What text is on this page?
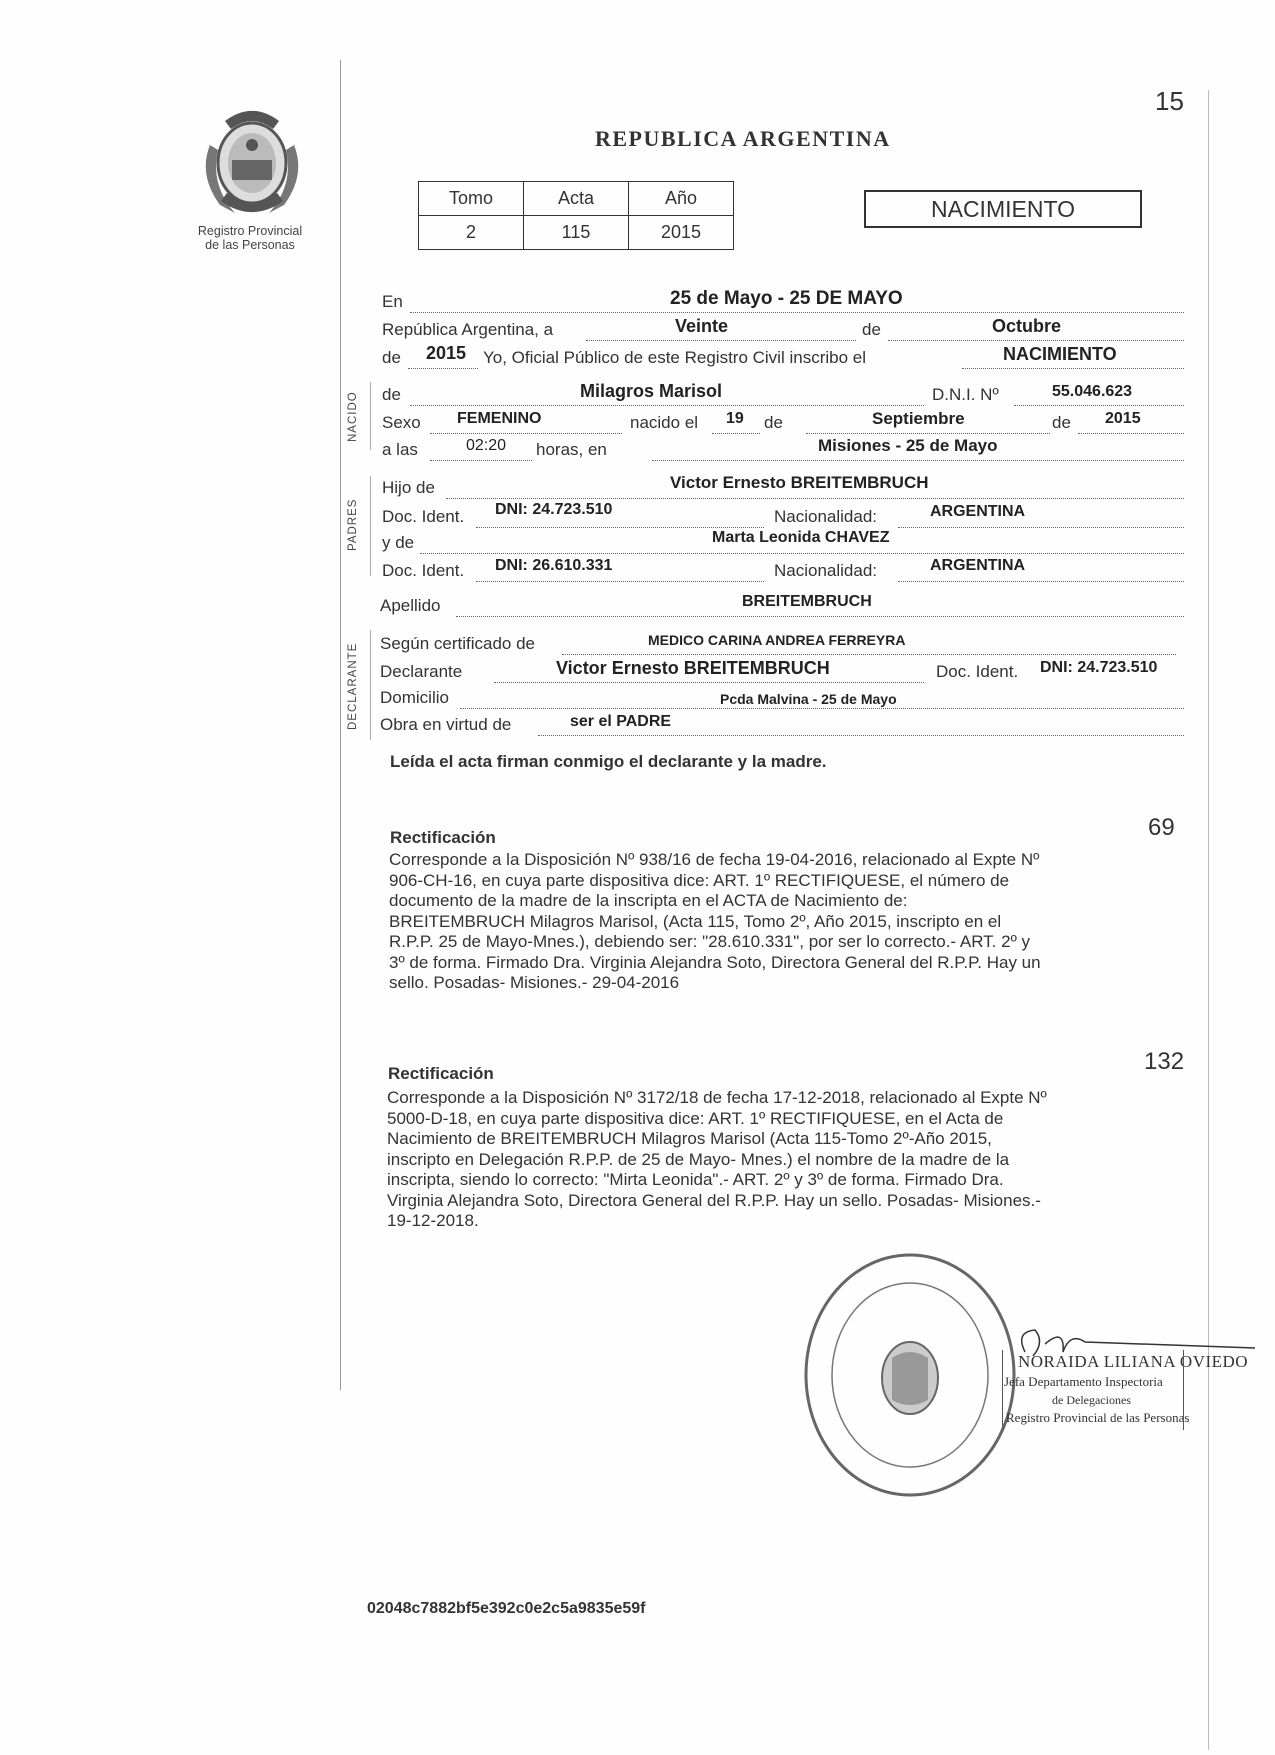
15
Registro Provincial
de las Personas
REPUBLICA ARGENTINA
Tomo	Acta	Año
2	115	2015
NACIMIENTO
NACIDO
PADRES
DECLARANTE
En	25 de Mayo - 25 DE MAYO
República Argentina, a	Veinte	de	Octubre
de 2015 Yo, Oficial Público de este Registro Civil inscribo el	NACIMIENTO
de	Milagros Marisol	D.N.I. Nº	55.046.623
Sexo FEMENINO	nacido el 19 de	Septiembre	de 2015
a las	02:20 horas, en	Misiones - 25 de Mayo
Hijo de	Victor Ernesto BREITEMBRUCH
Doc. Ident. DNI: 24.723.510	Nacionalidad:	ARGENTINA
y de	Marta Leonida CHAVEZ
Doc. Ident. DNI: 26.610.331	Nacionalidad:	ARGENTINA
Apellido	BREITEMBRUCH
Según certificado de	MEDICO CARINA ANDREA FERREYRA
Declarante	Victor Ernesto BREITEMBRUCH	Doc. Ident. DNI: 24.723.510
Domicilio	Pcda Malvina - 25 de Mayo
Obra en virtud de	ser el PADRE
Leída el acta firman conmigo el declarante y la madre.
69
Rectificación
Corresponde a la Disposición Nº 938/16 de fecha 19-04-2016, relacionado al Expte Nº
906-CH-16, en cuya parte dispositiva dice: ART. 1º RECTIFIQUESE, el número de
documento de la madre de la inscripta en el ACTA de Nacimiento de:
BREITEMBRUCH Milagros Marisol, (Acta 115, Tomo 2º, Año 2015, inscripto en el
R.P.P. 25 de Mayo-Mnes.), debiendo ser: "28.610.331", por ser lo correcto.- ART. 2º y
3º de forma. Firmado Dra. Virginia Alejandra Soto, Directora General del R.P.P. Hay un
sello. Posadas- Misiones.- 29-04-2016
132
Rectificación
Corresponde a la Disposición Nº 3172/18 de fecha 17-12-2018, relacionado al Expte Nº
5000-D-18, en cuya parte dispositiva dice: ART. 1º RECTIFIQUESE, en el Acta de
Nacimiento de BREITEMBRUCH Milagros Marisol (Acta 115-Tomo 2º-Año 2015,
inscripto en Delegación R.P.P. de 25 de Mayo- Mnes.) el nombre de la madre de la
inscripta, siendo lo correcto: "Mirta Leonida".- ART. 2º y 3º de forma. Firmado Dra.
Virginia Alejandra Soto, Directora General del R.P.P. Hay un sello. Posadas- Misiones.-
19-12-2018.
NORAIDA LILIANA OVIEDO
Jefa Departamento Inspectoria
de Delegaciones
Registro Provincial de las Personas
02048c7882bf5e392c0e2c5a9835e59f
